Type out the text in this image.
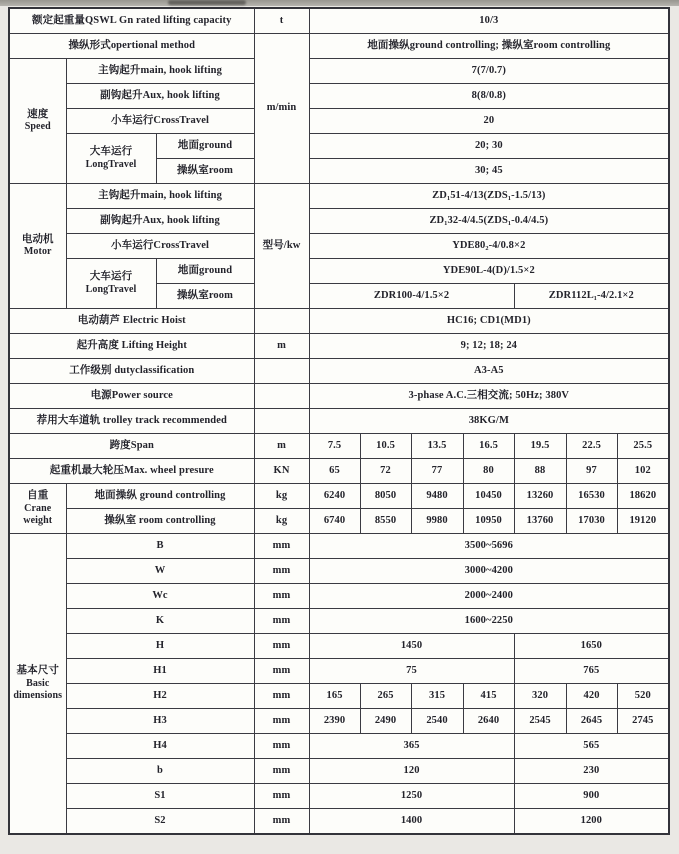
额定起重量QSWL Gn rated lifting capacity			t	10/3						
操纵形式opertional method			m/min	地面操纵ground controlling; 操纵室room controlling						

速度
Speed	主钩起升main, hook lifting			7(7/0.7)						
	副钩起升Aux, hook lifting			8(8/0.8)						
	小车运行CrossTravel			20						

	大车运行
LongTravel	地面ground		20; 30						
		操纵室room		30; 45						

电动机
Motor	主钩起升main, hook lifting		型号/kw	ZD₁51-4/13(ZDS₁-1.5/13)						
	副钩起升Aux, hook lifting			ZD₁32-4/4.5(ZDS₁-0.4/4.5)						
	小车运行CrossTravel			YDE80₂-4/0.8×2						

	大车运行
LongTravel	地面ground		YDE90L-4(D)/1.5×2						
		操纵室room		ZDR100-4/1.5×2				ZDR112L₁-4/2.1×2		
电动葫芦 Electric Hoist				HC16; CD1(MD1)						
起升高度 Lifting Height			m	9; 12; 18; 24						
工作级别 dutyclassification				A3-A5						
电源Power source				3-phase A.C.三相交流; 50Hz; 380V						
荐用大车道轨 trolley track recommended				38KG/M						
跨度Span			m	7.5	10.5	13.5	16.5	19.5	22.5	25.5
起重机最大轮压Max. wheel presure			KN	65	72	77	80	88	97	102

自重
Crane weight	地面操纵 ground controlling		kg	6240	8050	9480	10450	13260	16530	18620
	操纵室 room controlling		kg	6740	8550	9980	10950	13760	17030	19120

基本尺寸
Basic dimensions	B		mm	3500~5696						
	W		mm	3000~4200						
	Wc		mm	2000~2400						
	K		mm	1600~2250						
	H		mm	1450				1650		
	H1		mm	75				765		
	H2		mm	165	265	315	415	320	420	520
	H3		mm	2390	2490	2540	2640	2545	2645	2745
	H4		mm	365				565		
	b		mm	120				230		
	S1		mm	1250				900		
	S2		mm	1400				1200		
